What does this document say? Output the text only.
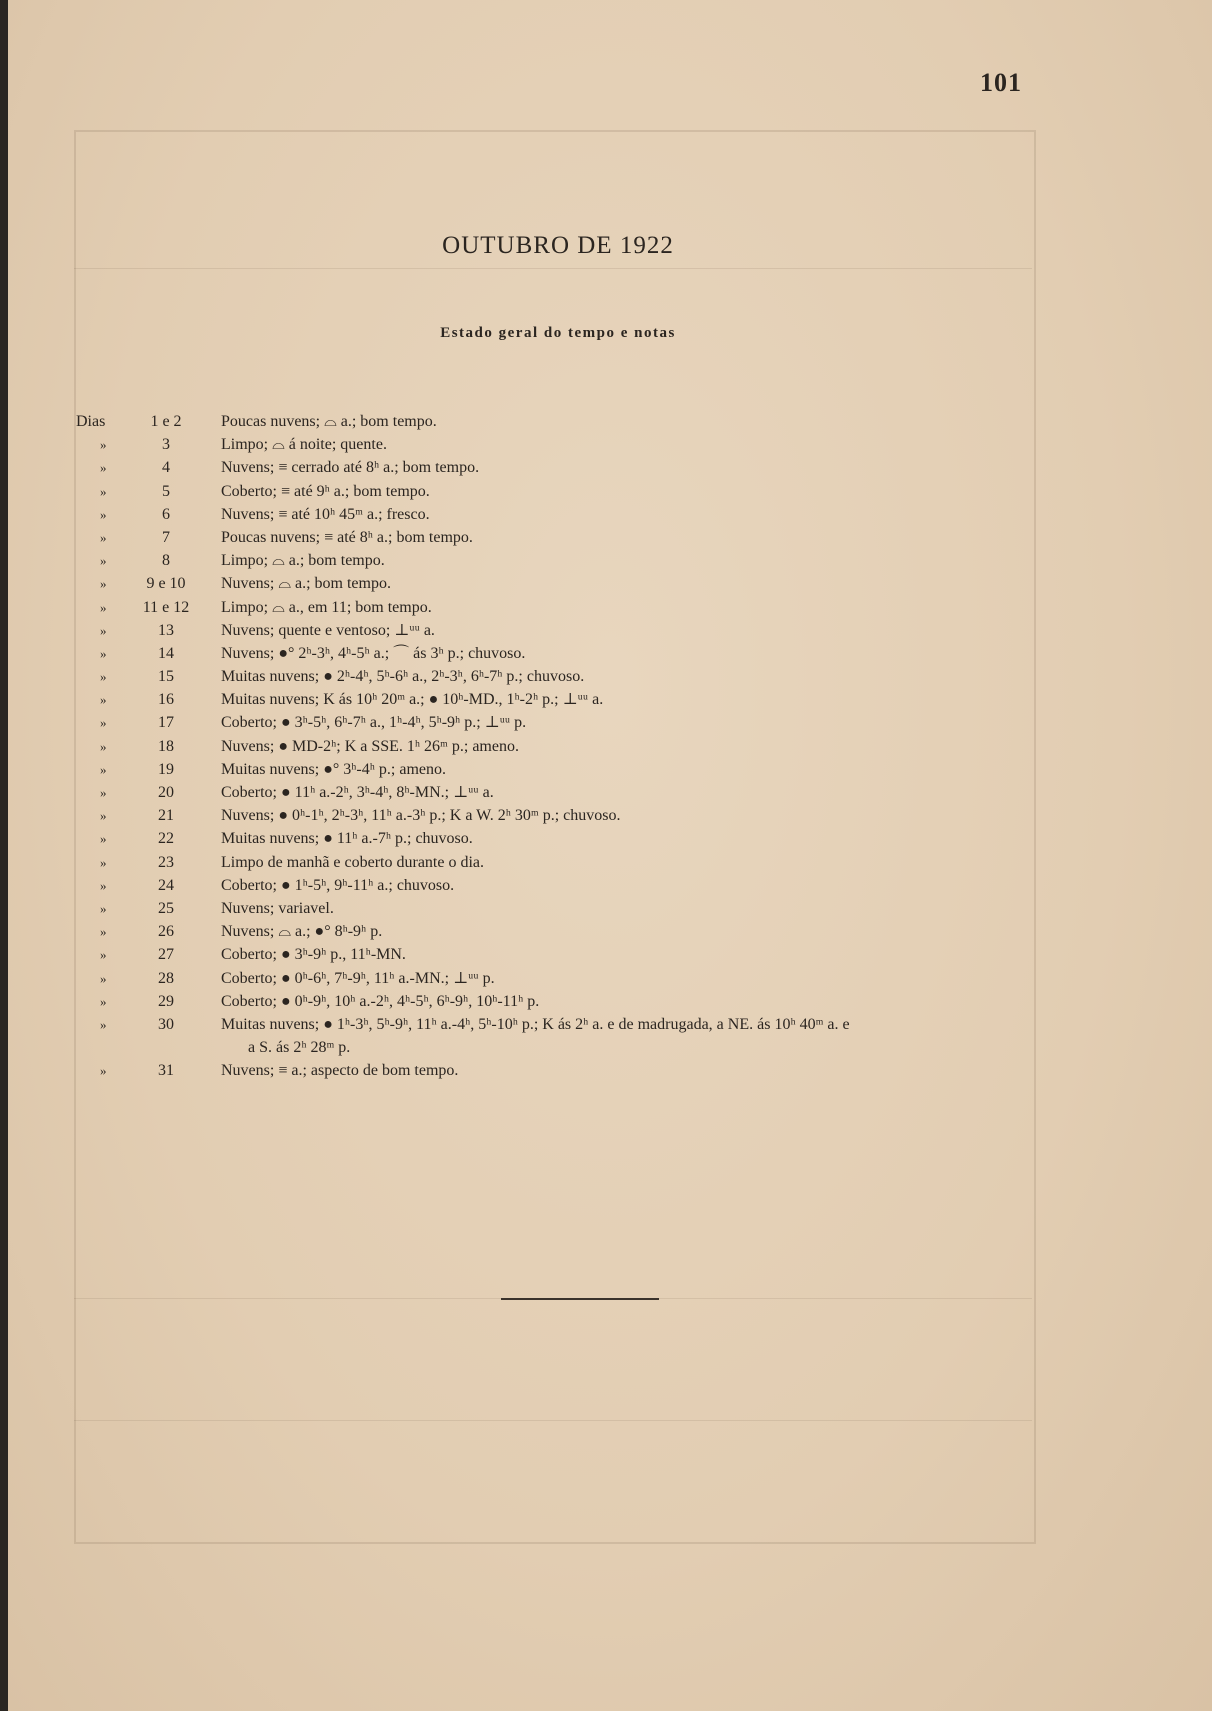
101
OUTUBRO DE 1922
Estado geral do tempo e notas
Dias	1 e 2	Poucas nuvens; ⌓ a.; bom tempo.
»	3	Limpo; ⌓ á noite; quente.
»	4	Nuvens; ≡ cerrado até 8ʰ a.; bom tempo.
»	5	Coberto; ≡ até 9ʰ a.; bom tempo.
»	6	Nuvens; ≡ até 10ʰ 45ᵐ a.; fresco.
»	7	Poucas nuvens; ≡ até 8ʰ a.; bom tempo.
»	8	Limpo; ⌓ a.; bom tempo.
»	9 e 10	Nuvens; ⌓ a.; bom tempo.
»	11 e 12	Limpo; ⌓ a., em 11; bom tempo.
»	13	Nuvens; quente e ventoso; ⊥ᵘᵘ a.
»	14	Nuvens; ●° 2ʰ-3ʰ, 4ʰ-5ʰ a.; ⌒ ás 3ʰ p.; chuvoso.
»	15	Muitas nuvens; ● 2ʰ-4ʰ, 5ʰ-6ʰ a., 2ʰ-3ʰ, 6ʰ-7ʰ p.; chuvoso.
»	16	Muitas nuvens; K ás 10ʰ 20ᵐ a.; ● 10ʰ-MD., 1ʰ-2ʰ p.; ⊥ᵘᵘ a.
»	17	Coberto; ● 3ʰ-5ʰ, 6ʰ-7ʰ a., 1ʰ-4ʰ, 5ʰ-9ʰ p.; ⊥ᵘᵘ p.
»	18	Nuvens; ● MD-2ʰ; K a SSE. 1ʰ 26ᵐ p.; ameno.
»	19	Muitas nuvens; ●° 3ʰ-4ʰ p.; ameno.
»	20	Coberto; ● 11ʰ a.-2ʰ, 3ʰ-4ʰ, 8ʰ-MN.; ⊥ᵘᵘ a.
»	21	Nuvens; ● 0ʰ-1ʰ, 2ʰ-3ʰ, 11ʰ a.-3ʰ p.; K a W. 2ʰ 30ᵐ p.; chuvoso.
»	22	Muitas nuvens; ● 11ʰ a.-7ʰ p.; chuvoso.
»	23	Limpo de manhã e coberto durante o dia.
»	24	Coberto; ● 1ʰ-5ʰ, 9ʰ-11ʰ a.; chuvoso.
»	25	Nuvens; variavel.
»	26	Nuvens; ⌓ a.; ●° 8ʰ-9ʰ p.
»	27	Coberto; ● 3ʰ-9ʰ p., 11ʰ-MN.
»	28	Coberto; ● 0ʰ-6ʰ, 7ʰ-9ʰ, 11ʰ a.-MN.; ⊥ᵘᵘ p.
»	29	Coberto; ● 0ʰ-9ʰ, 10ʰ a.-2ʰ, 4ʰ-5ʰ, 6ʰ-9ʰ, 10ʰ-11ʰ p.
»	30	Muitas nuvens; ● 1ʰ-3ʰ, 5ʰ-9ʰ, 11ʰ a.-4ʰ, 5ʰ-10ʰ p.; K ás 2ʰ a. e de madrugada, a NE. ás 10ʰ 40ᵐ a. e
a S. ás 2ʰ 28ᵐ p.
»	31	Nuvens; ≡ a.; aspecto de bom tempo.
